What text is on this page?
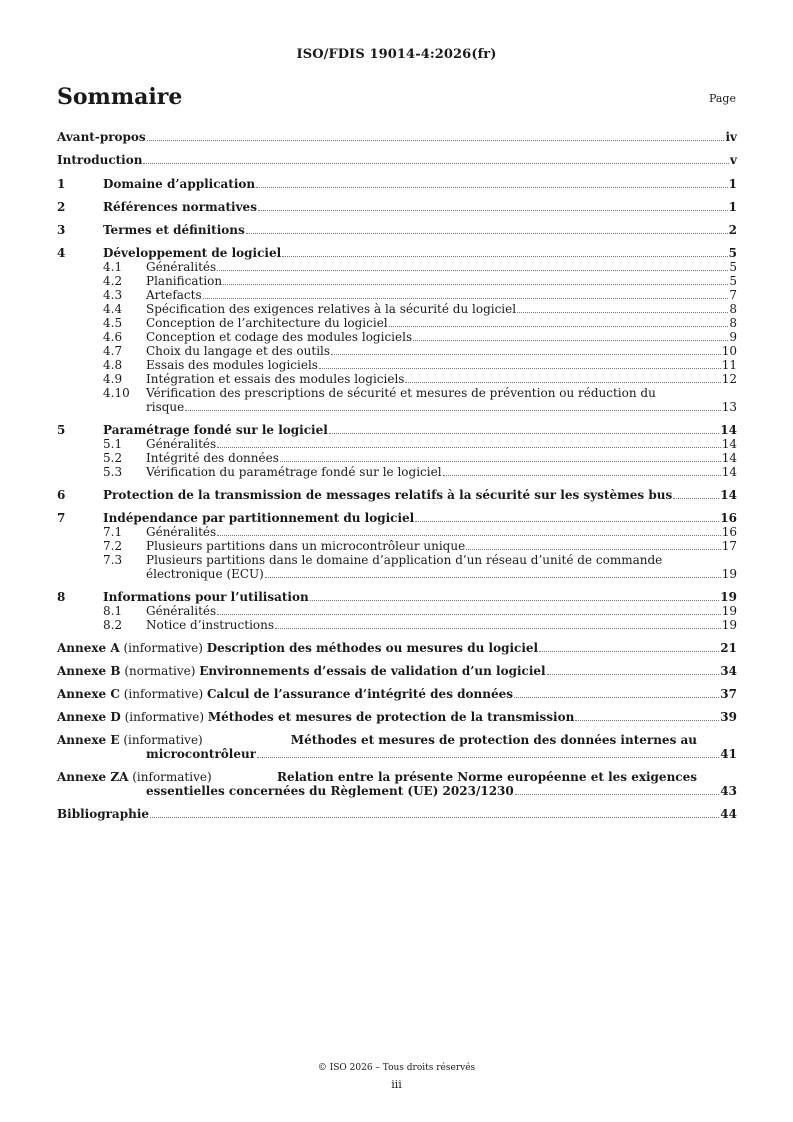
ISO/FDIS 19014-4:2026(fr)
Sommaire	Page
Avant-propos	iv
Introduction	v
1	Domaine d’application	1
2	Références normatives	1
3	Termes et définitions	2
4	Développement de logiciel	5
4.1	Généralités	5
4.2	Planification	5
4.3	Artefacts	7
4.4	Spécification des exigences relatives à la sécurité du logiciel	8
4.5	Conception de l’architecture du logiciel	8
4.6	Conception et codage des modules logiciels	9
4.7	Choix du langage et des outils	10
4.8	Essais des modules logiciels	11
4.9	Intégration et essais des modules logiciels	12
4.10 Vérification des prescriptions de sécurité et mesures de prévention ou réduction du
risque	13
5	Paramétrage fondé sur le logiciel	14
5.1	Généralités	14
5.2	Intégrité des données	14
5.3	Vérification du paramétrage fondé sur le logiciel	14
6	Protection de la transmission de messages relatifs à la sécurité sur les systèmes bus	14
7	Indépendance par partitionnement du logiciel	16
7.1	Généralités	16
7.2	Plusieurs partitions dans un microcontrôleur unique	17
7.3 Plusieurs partitions dans le domaine d’application d’un réseau d’unité de commande
électronique (ECU)	19
8	Informations pour l’utilisation	19
8.1	Généralités	19
8.2	Notice d’instructions	19
Annexe A (informative) Description des méthodes ou mesures du logiciel	21
Annexe B (normative) Environnements d’essais de validation d’un logiciel	34
Annexe C (informative) Calcul de l’assurance d’intégrité des données	37
Annexe D (informative) Méthodes et mesures de protection de la transmission	39
Annexe E (informative)	Méthodes et mesures de protection des données internes au
microcontrôleur	41
Annexe ZA (informative)	Relation entre la présente Norme européenne et les exigences
essentielles concernées du Règlement (UE) 2023/1230	43
Bibliographie	44
© ISO 2026 – Tous droits réservés
iii
